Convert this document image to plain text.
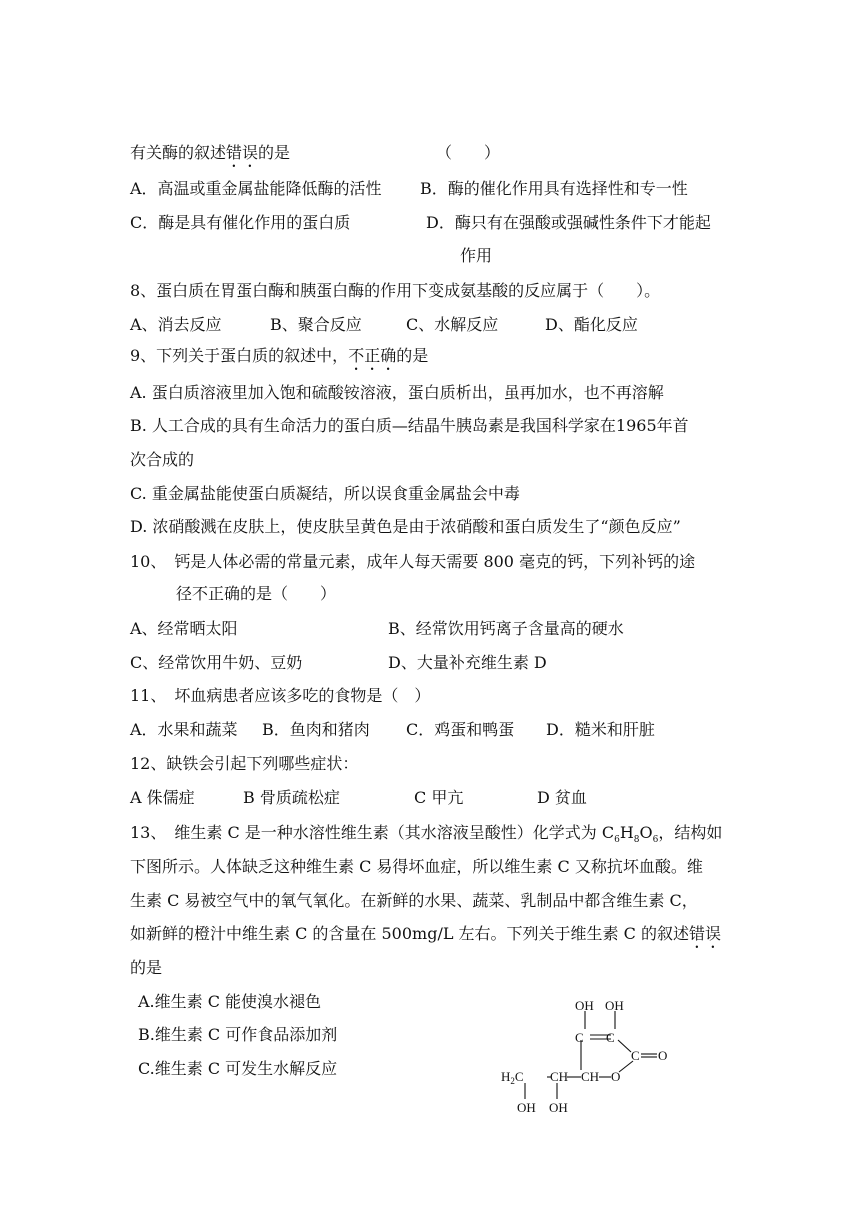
有关酶的叙述错误的是	（　　）
A．高温或重金属盐能降低酶的活性 B．酶的催化作用具有选择性和专一性
C．酶是具有催化作用的蛋白质	D．酶只有在强酸或强碱性条件下才能起
作用
8、蛋白质在胃蛋白酶和胰蛋白酶的作用下变成氨基酸的反应属于（　　）。
A、消去反应	B、聚合反应	C、水解反应	D、酯化反应
9、下列关于蛋白质的叙述中，不正确的是
A. 蛋白质溶液里加入饱和硫酸铵溶液，蛋白质析出，虽再加水，也不再溶解
B. 人工合成的具有生命活力的蛋白质—结晶牛胰岛素是我国科学家在1965年首
次合成的
C. 重金属盐能使蛋白质凝结，所以误食重金属盐会中毒
D. 浓硝酸溅在皮肤上，使皮肤呈黄色是由于浓硝酸和蛋白质发生了“颜色反应”
10、　钙是人体必需的常量元素，成年人每天需要 800 毫克的钙，下列补钙的途
径不正确的是（　　）
A、经常晒太阳	B、经常饮用钙离子含量高的硬水
C、经常饮用牛奶、豆奶	D、大量补充维生素 D
11、　坏血病患者应该多吃的食物是（　）
A．水果和蔬菜 B．鱼肉和猪肉 C．鸡蛋和鸭蛋 D．糙米和肝脏
12、缺铁会引起下列哪些症状：
A 侏儒症	B 骨质疏松症	C 甲亢	D 贫血
13、　维生素 C 是一种水溶性维生素（其水溶液呈酸性）化学式为 $C_6H_8O_6$，结构如
下图所示。人体缺乏这种维生素 C 易得坏血症，所以维生素 C 又称抗坏血酸。维
生素 C 易被空气中的氧气氧化。在新鲜的水果、蔬菜、乳制品中都含维生素 C，
如新鲜的橙汁中维生素 C 的含量在 500mg/L 左右。下列关于维生素 C 的叙述错误
的是
A.维生素 C 能使溴水褪色
B.维生素 C 可作食品添加剂
C.维生素 C 可发生水解反应
OH OH
C C
C O
$H_2C$ CH CH O
OH OH
